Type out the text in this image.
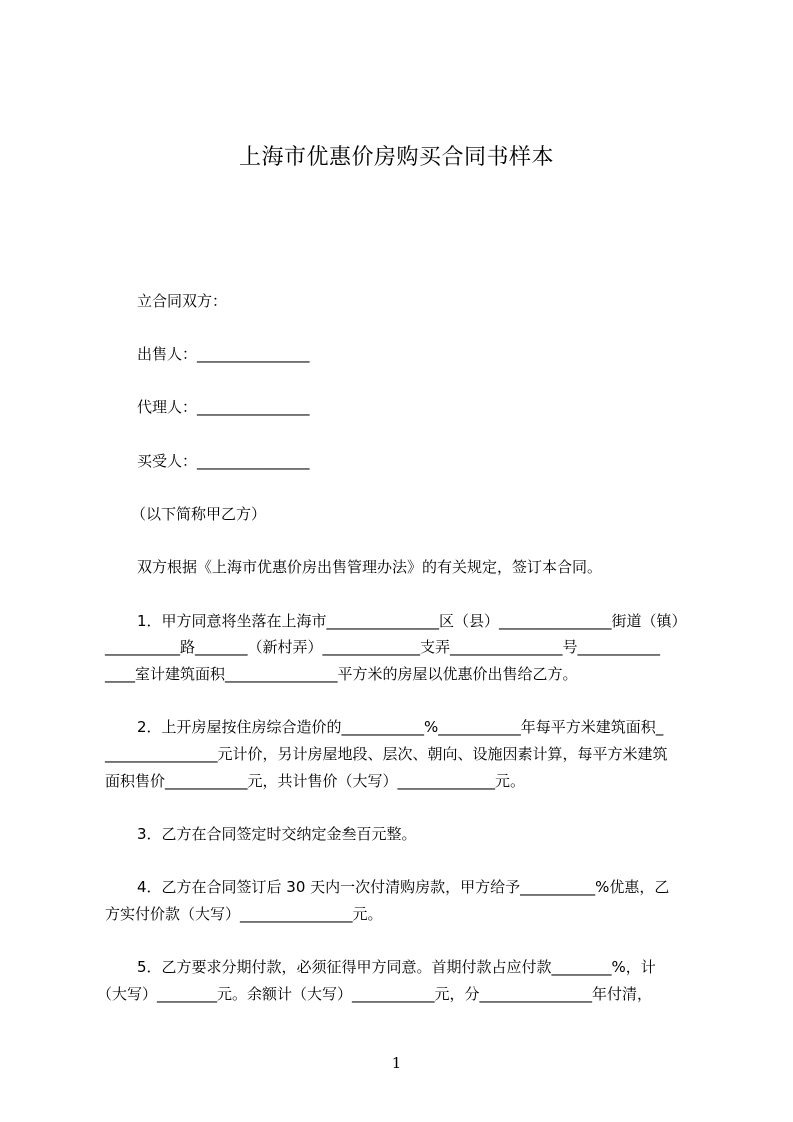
上海市优惠价房购买合同书样本
立合同双方：
出售人：_______________
代理人：_______________
买受人：_______________
（以下简称甲乙方）
双方根据《上海市优惠价房出售管理办法》的有关规定，签订本合同。
1．甲方同意将坐落在上海市_______________区（县）_______________街道（镇）
__________路_______（新村弄）_____________支弄_______________号___________
____室计建筑面积_______________平方米的房屋以优惠价出售给乙方。
2．上开房屋按住房综合造价的___________%___________年每平方米建筑面积_
_______________元计价，另计房屋地段、层次、朝向、设施因素计算，每平方米建筑
面积售价___________元，共计售价（大写）_____________元。
3．乙方在合同签定时交纳定金叁百元整。
4．乙方在合同签订后 30 天内一次付清购房款，甲方给予__________%优惠，乙
方实付价款（大写）_______________元。
5．乙方要求分期付款，必须征得甲方同意。首期付款占应付款________%，计
（大写）________元。余额计（大写）___________元，分_______________年付清，
1
